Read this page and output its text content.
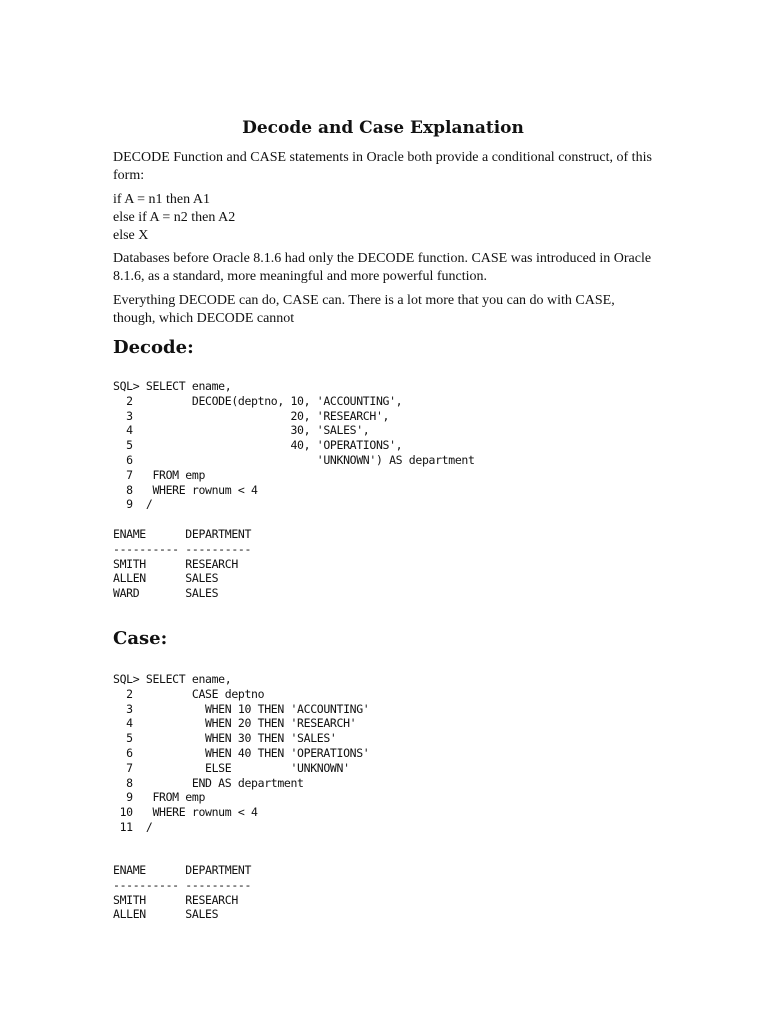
Decode and Case Explanation

DECODE Function and CASE statements in Oracle both provide a conditional construct, of this form:

if A = n1 then A1
else if A = n2 then A2
else X

Databases before Oracle 8.1.6 had only the DECODE function. CASE was introduced in Oracle 8.1.6, as a standard, more meaningful and more powerful function.

Everything DECODE can do, CASE can. There is a lot more that you can do with CASE, though, which DECODE cannot

Decode:
SQL> SELECT ename,
2         DECODE(deptno, 10, 'ACCOUNTING',
3                        20, 'RESEARCH',
4                        30, 'SALES',
5                        40, 'OPERATIONS',
6                            'UNKNOWN') AS department
7   FROM emp
8   WHERE rownum < 4
9  /
ENAME      DEPARTMENT
---------- ----------
SMITH      RESEARCH
ALLEN      SALES
WARD       SALES
Case:
SQL> SELECT ename,
2         CASE deptno
3           WHEN 10 THEN 'ACCOUNTING'
4           WHEN 20 THEN 'RESEARCH'
5           WHEN 30 THEN 'SALES'
6           WHEN 40 THEN 'OPERATIONS'
7           ELSE         'UNKNOWN'
8         END AS department
9   FROM emp
10   WHERE rownum < 4
11  /
ENAME      DEPARTMENT
---------- ----------
SMITH      RESEARCH
ALLEN      SALES
